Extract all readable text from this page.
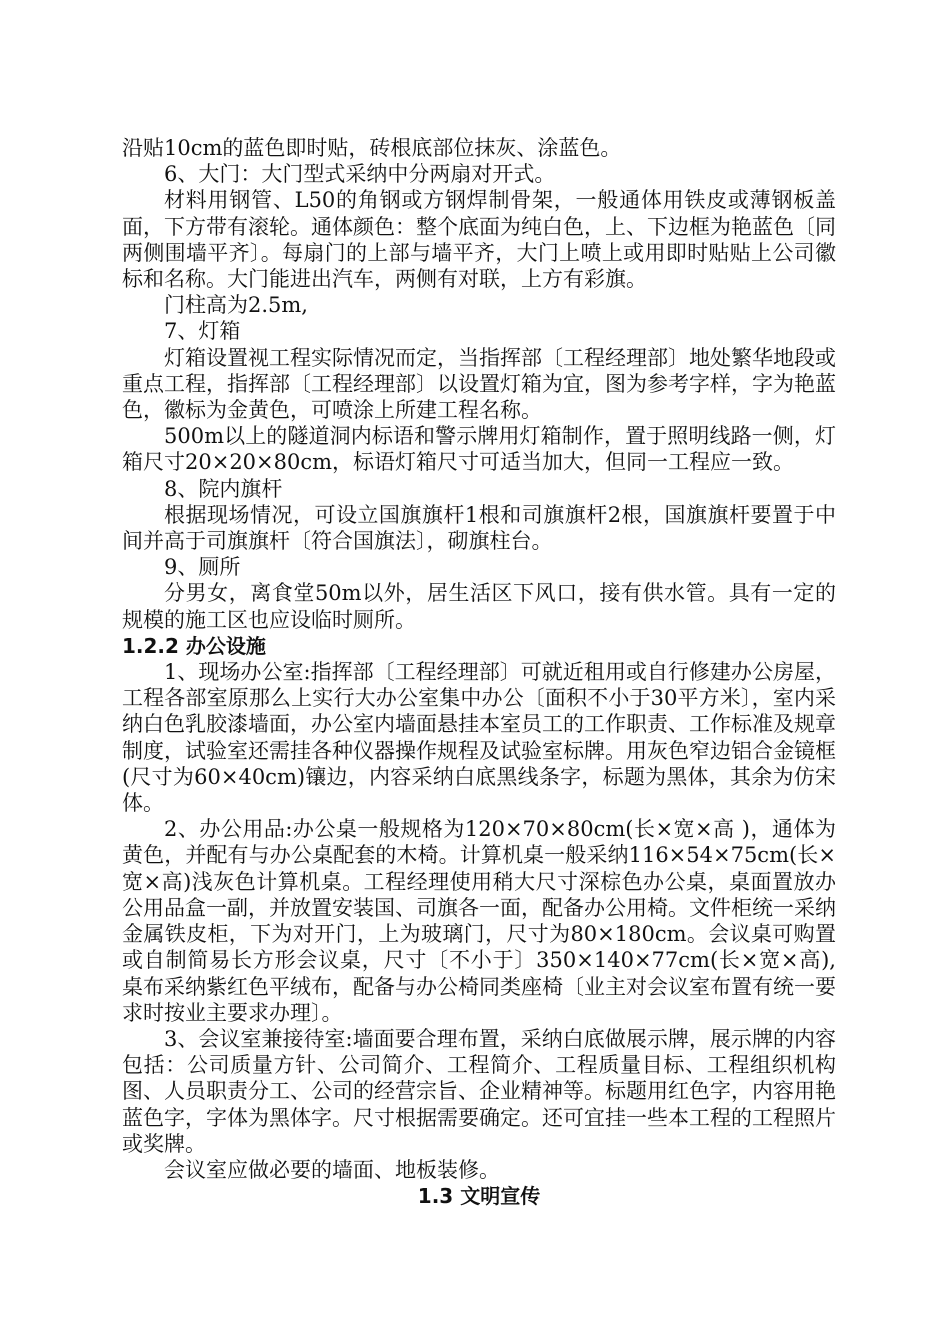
沿贴10cm的蓝色即时贴，砖根底部位抹灰、涂蓝色。

6、大门：大门型式采纳中分两扇对开式。

材料用钢管、L50的角钢或方钢焊制骨架，一般通体用铁皮或薄钢板盖面，下方带有滚轮。通体颜色：整个底面为纯白色，上、下边框为艳蓝色〔同两侧围墙平齐〕。每扇门的上部与墙平齐，大门上喷上或用即时贴贴上公司徽标和名称。大门能进出汽车，两侧有对联，上方有彩旗。

门柱高为2.5m,

7、灯箱

灯箱设置视工程实际情况而定，当指挥部〔工程经理部〕地处繁华地段或重点工程，指挥部〔工程经理部〕以设置灯箱为宜，图为参考字样，字为艳蓝色，徽标为金黄色，可喷涂上所建工程名称。

500m以上的隧道洞内标语和警示牌用灯箱制作，置于照明线路一侧，灯箱尺寸20×20×80cm，标语灯箱尺寸可适当加大，但同一工程应一致。

8、院内旗杆

根据现场情况，可设立国旗旗杆1根和司旗旗杆2根，国旗旗杆要置于中间并高于司旗旗杆〔符合国旗法〕，砌旗柱台。

9、厕所

分男女，离食堂50m以外，居生活区下风口，接有供水管。具有一定的规模的施工区也应设临时厕所。

1.2.2 办公设施

1、现场办公室:指挥部〔工程经理部〕可就近租用或自行修建办公房屋，工程各部室原那么上实行大办公室集中办公〔面积不小于30平方米〕，室内采纳白色乳胶漆墙面，办公室内墙面悬挂本室员工的工作职责、工作标准及规章制度，试验室还需挂各种仪器操作规程及试验室标牌。用灰色窄边铝合金镜框(尺寸为60×40cm)镶边，内容采纳白底黑线条字，标题为黑体，其余为仿宋体。

2、办公用品:办公桌一般规格为120×70×80cm(长×宽×高 )，通体为黄色，并配有与办公桌配套的木椅。计算机桌一般采纳116×54×75cm(长×宽×高)浅灰色计算机桌。工程经理使用稍大尺寸深棕色办公桌，桌面置放办公用品盒一副，并放置安装国、司旗各一面，配备办公用椅。文件柜统一采纳金属铁皮柜，下为对开门，上为玻璃门，尺寸为80×180cm。会议桌可购置或自制简易长方形会议桌，尺寸〔不小于〕350×140×77cm(长×宽×高),桌布采纳紫红色平绒布，配备与办公椅同类座椅〔业主对会议室布置有统一要求时按业主要求办理〕。

3、会议室兼接待室:墙面要合理布置，采纳白底做展示牌，展示牌的内容包括：公司质量方针、公司简介、工程简介、工程质量目标、工程组织机构图、人员职责分工、公司的经营宗旨、企业精神等。标题用红色字，内容用艳蓝色字，字体为黑体字。尺寸根据需要确定。还可宜挂一些本工程的工程照片或奖牌。

会议室应做必要的墙面、地板装修。

1.3 文明宣传
